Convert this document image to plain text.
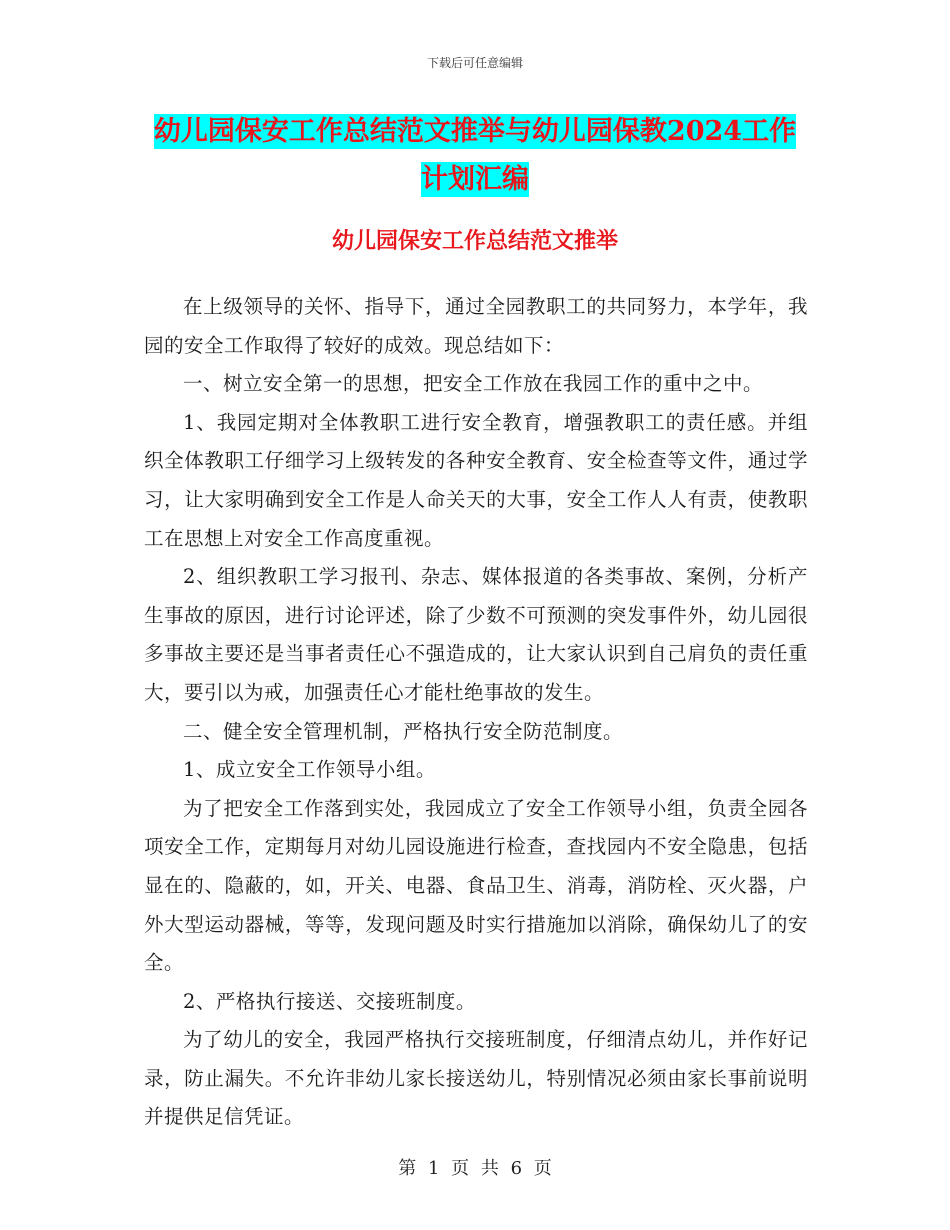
下载后可任意编辑
幼儿园保安工作总结范文推举与幼儿园保教2024工作
计划汇编
幼儿园保安工作总结范文推举

在上级领导的关怀、指导下，通过全园教职工的共同努力，本学年，我园的安全工作取得了较好的成效。现总结如下：

一、树立安全第一的思想，把安全工作放在我园工作的重中之中。

1、我园定期对全体教职工进行安全教育，增强教职工的责任感。并组织全体教职工仔细学习上级转发的各种安全教育、安全检查等文件，通过学习，让大家明确到安全工作是人命关天的大事，安全工作人人有责，使教职工在思想上对安全工作高度重视。

2、组织教职工学习报刊、杂志、媒体报道的各类事故、案例，分析产生事故的原因，进行讨论评述，除了少数不可预测的突发事件外，幼儿园很多事故主要还是当事者责任心不强造成的，让大家认识到自己肩负的责任重大，要引以为戒，加强责任心才能杜绝事故的发生。

二、健全安全管理机制，严格执行安全防范制度。

1、成立安全工作领导小组。

为了把安全工作落到实处，我园成立了安全工作领导小组，负责全园各项安全工作，定期每月对幼儿园设施进行检查，查找园内不安全隐患，包括显在的、隐蔽的，如，开关、电器、食品卫生、消毒，消防栓、灭火器，户外大型运动器械，等等，发现问题及时实行措施加以消除，确保幼儿了的安全。

2、严格执行接送、交接班制度。

为了幼儿的安全，我园严格执行交接班制度，仔细清点幼儿，并作好记录，防止漏失。不允许非幼儿家长接送幼儿，特别情况必须由家长事前说明并提供足信凭证。

第 1 页 共 6 页
